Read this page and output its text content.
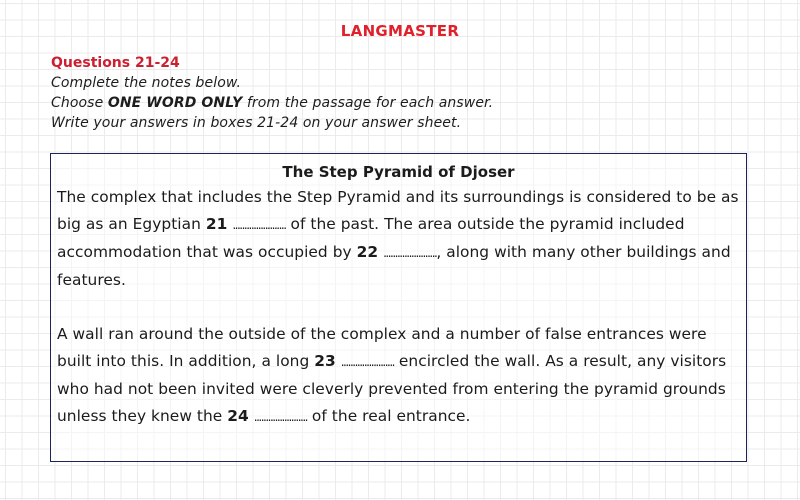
LANGMASTER
Questions 21-24
Complete the notes below.
Choose ONE WORD ONLY from the passage for each answer.
Write your answers in boxes 21-24 on your answer sheet.
The Step Pyramid of Djoser

The complex that includes the Step Pyramid and its surroundings is considered to be as big as an Egyptian 21 ....................... of the past. The area outside the pyramid included accommodation that was occupied by 22 ......................., along with many other buildings and features.

A wall ran around the outside of the complex and a number of false entrances were built into this. In addition, a long 23 ....................... encircled the wall. As a result, any visitors who had not been invited were cleverly prevented from entering the pyramid grounds unless they knew the 24 ....................... of the real entrance.
